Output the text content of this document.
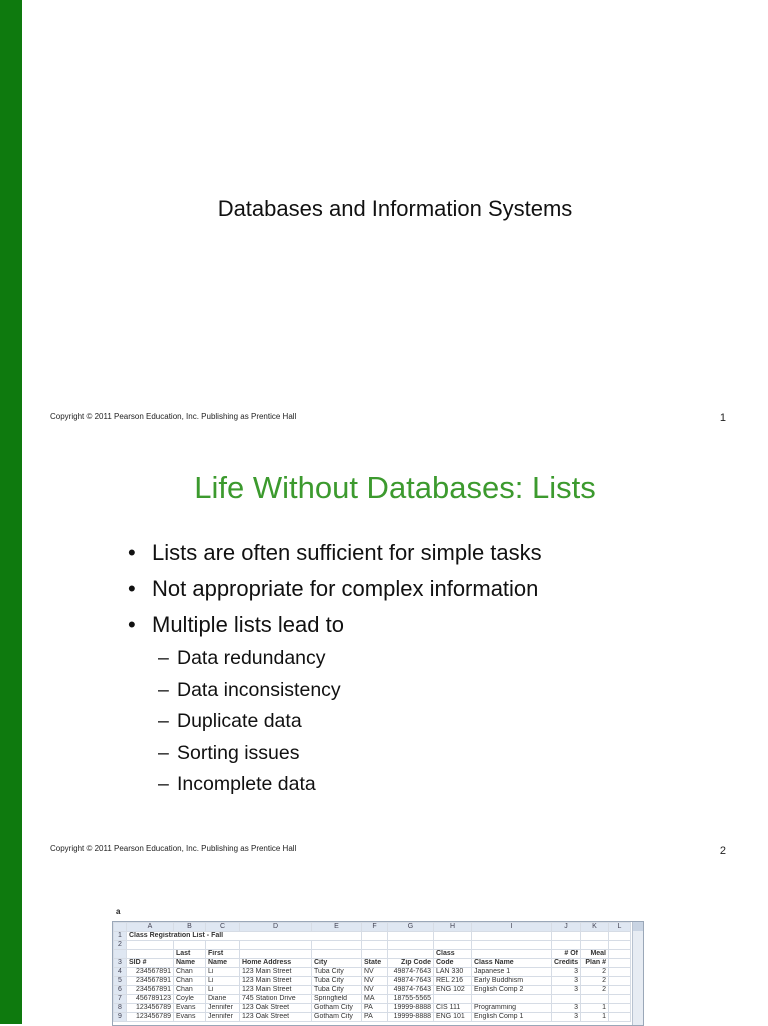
Databases and Information Systems
Copyright © 2011 Pearson Education, Inc. Publishing as Prentice Hall	1
Life Without Databases: Lists
• Lists are often sufficient for simple tasks
• Not appropriate for complex information
• Multiple lists lead to
– Data redundancy
– Data inconsistency
– Duplicate data
– Sorting issues
– Incomplete data
Copyright © 2011 Pearson Education, Inc. Publishing as Prentice Hall	2
a
	A	B	C	D	E	F	G	H	I	J	K	L
1	Class Registration List - Fall											
2												
		Last	First					Class		# Of	Meal	
3	SID #	Name	Name	Home Address	City	State	Zip Code	Code	Class Name	Credits	Plan #	
4	234567891	Chan	Li	123 Main Street	Tuba City	NV	49874-7643	LAN 330	Japanese 1	3	2	
5	234567891	Chan	Li	123 Main Street	Tuba City	NV	49874-7643	REL 216	Early Buddhism	3	2	
6	234567891	Chan	Li	123 Main Street	Tuba City	NV	49874-7643	ENG 102	English Comp 2	3	2	
7	456789123	Coyle	Diane	745 Station Drive	Springfield	MA	18755-5565					
8	123456789	Evans	Jennifer	123 Oak Street	Gotham City	PA	19999-8888	CIS 111	Programming	3	1	
9	123456789	Evans	Jennifer	123 Oak Street	Gotham City	PA	19999-8888	ENG 101	English Comp 1	3	1	
